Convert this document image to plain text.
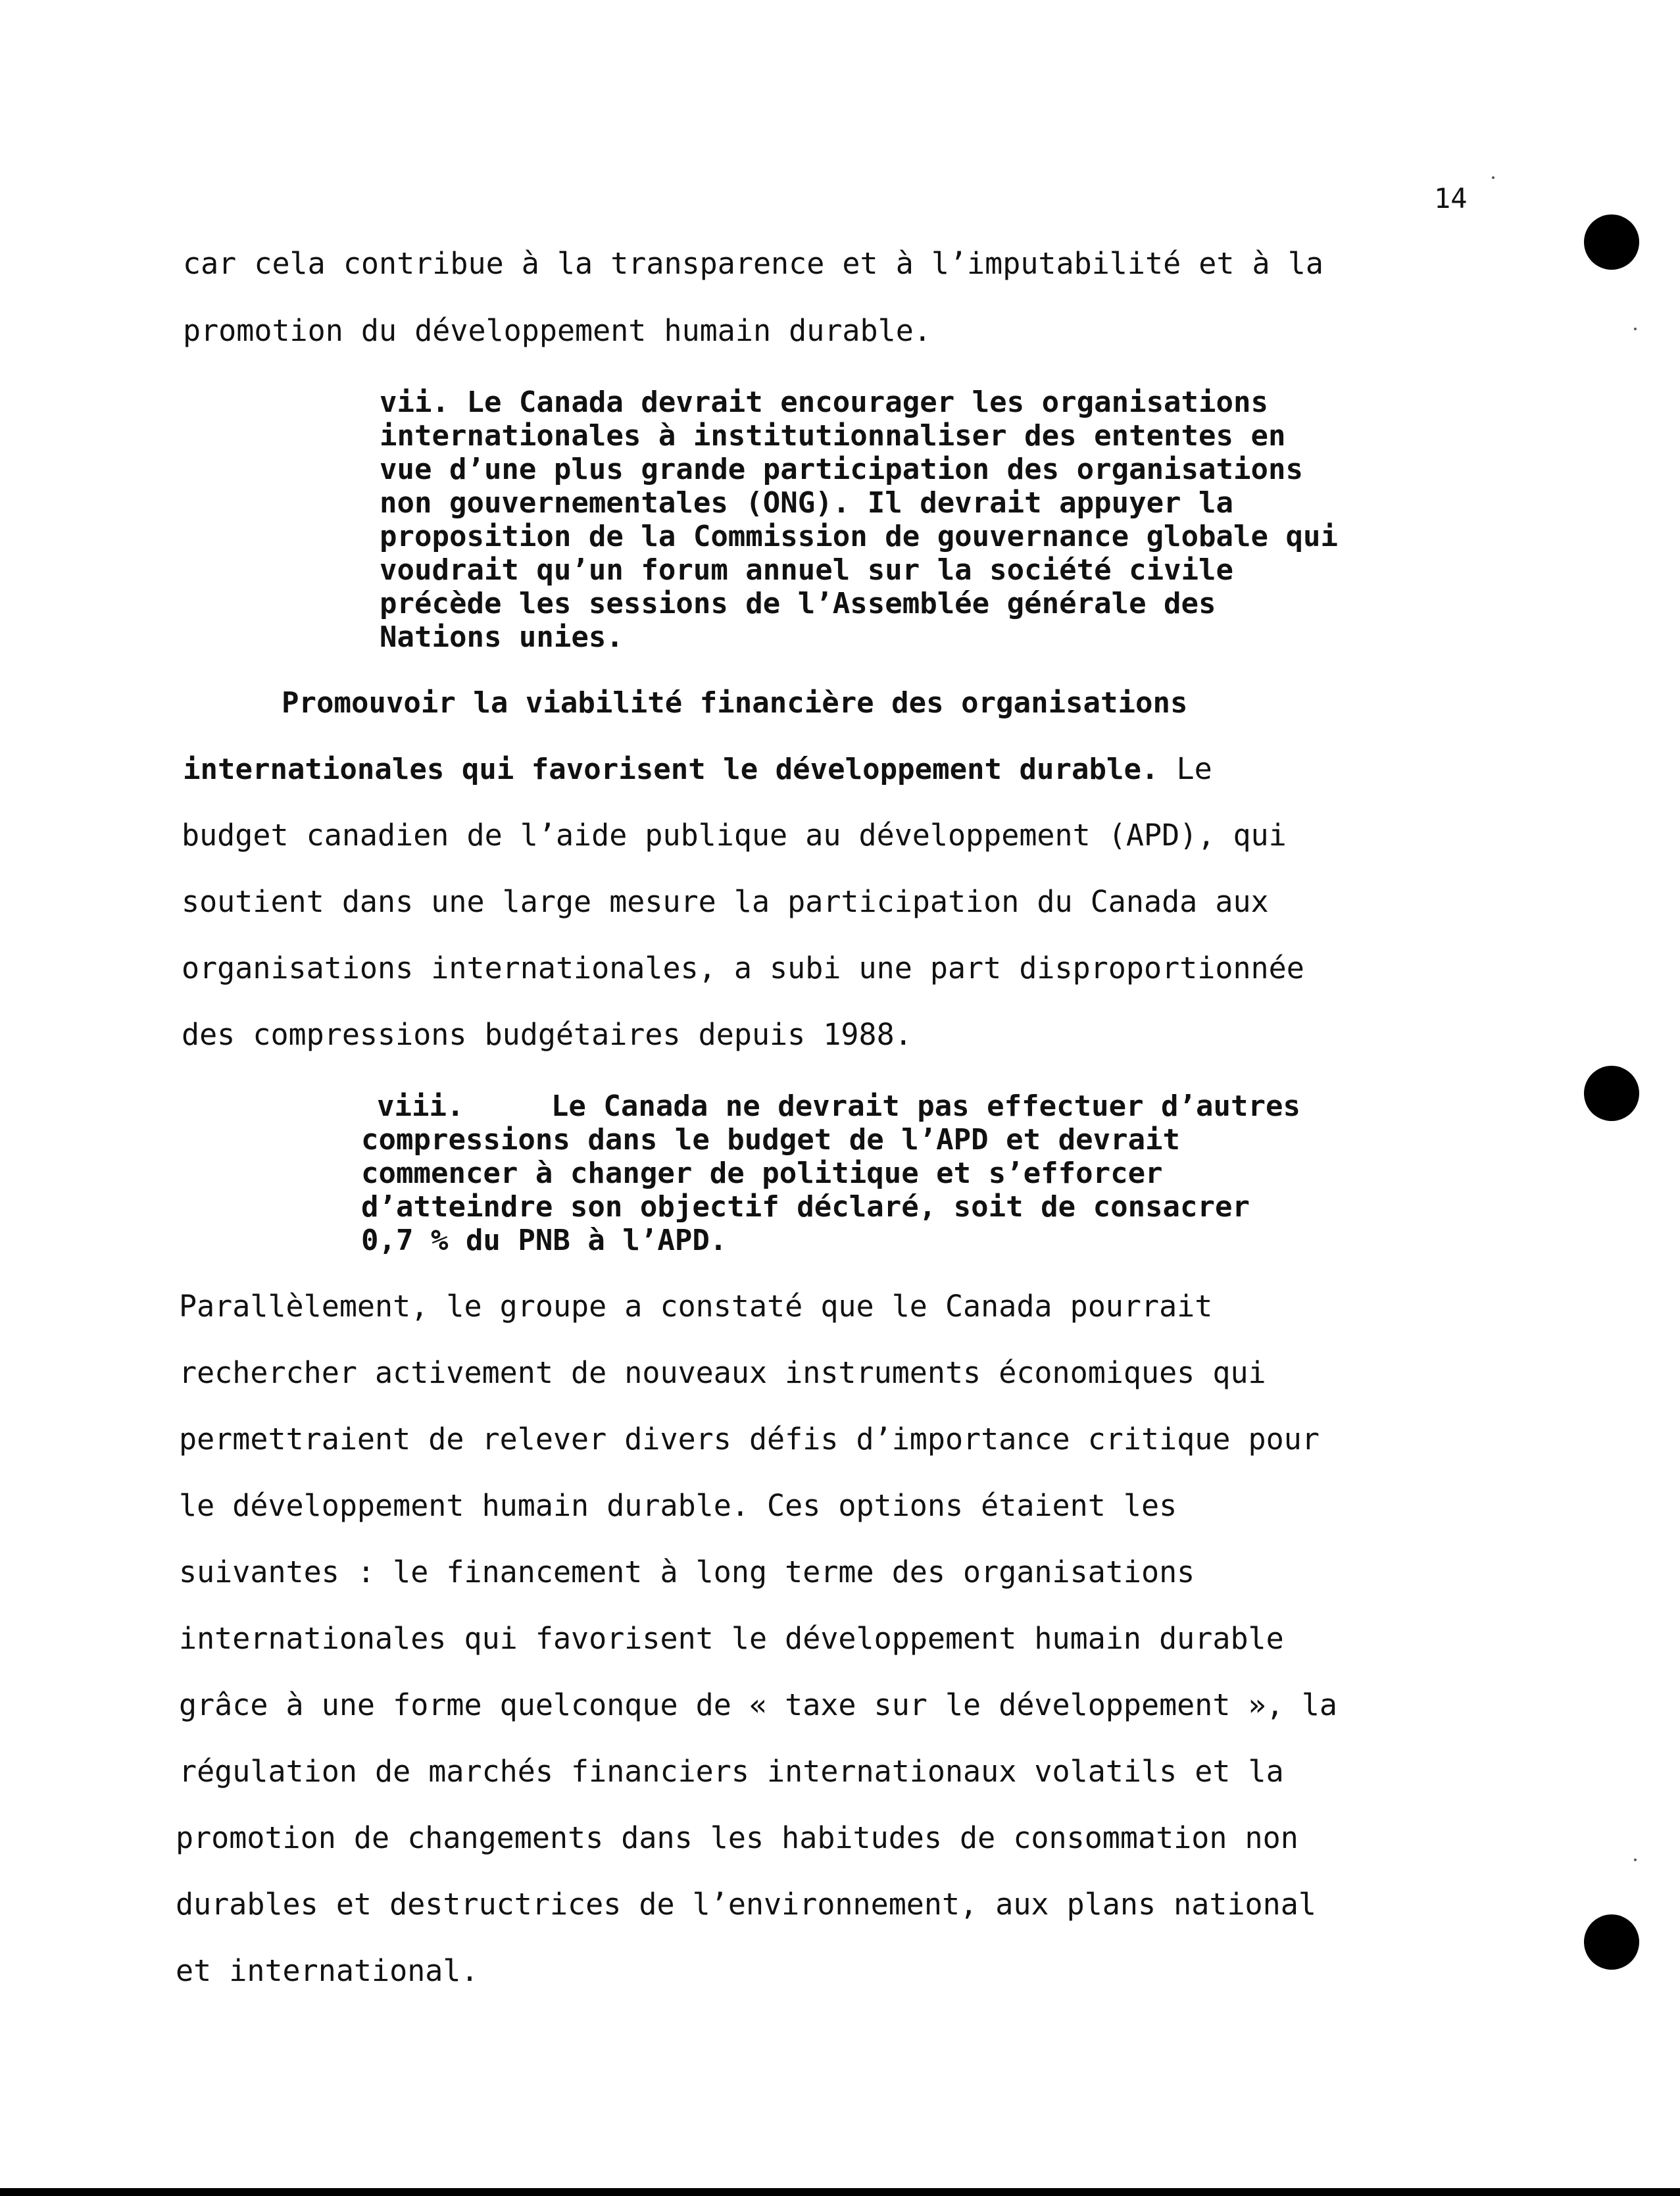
14
car cela contribue à la transparence et à l’imputabilité et à la
promotion du développement humain durable.
vii. Le Canada devrait encourager les organisations
internationales à institutionnaliser des ententes en
vue d’une plus grande participation des organisations
non gouvernementales (ONG). Il devrait appuyer la
proposition de la Commission de gouvernance globale qui
voudrait qu’un forum annuel sur la société civile
précède les sessions de l’Assemblée générale des
Nations unies.
Promouvoir la viabilité financière des organisations
internationales qui favorisent le développement durable. Le
budget canadien de l’aide publique au développement (APD), qui
soutient dans une large mesure la participation du Canada aux
organisations internationales, a subi une part disproportionnée
des compressions budgétaires depuis 1988.
viii.     Le Canada ne devrait pas effectuer d’autres
compressions dans le budget de l’APD et devrait
commencer à changer de politique et s’efforcer
d’atteindre son objectif déclaré, soit de consacrer
0,7 % du PNB à l’APD.
Parallèlement, le groupe a constaté que le Canada pourrait
rechercher activement de nouveaux instruments économiques qui
permettraient de relever divers défis d’importance critique pour
le développement humain durable. Ces options étaient les
suivantes : le financement à long terme des organisations
internationales qui favorisent le développement humain durable
grâce à une forme quelconque de « taxe sur le développement », la
régulation de marchés financiers internationaux volatils et la
promotion de changements dans les habitudes de consommation non
durables et destructrices de l’environnement, aux plans national
et international.
